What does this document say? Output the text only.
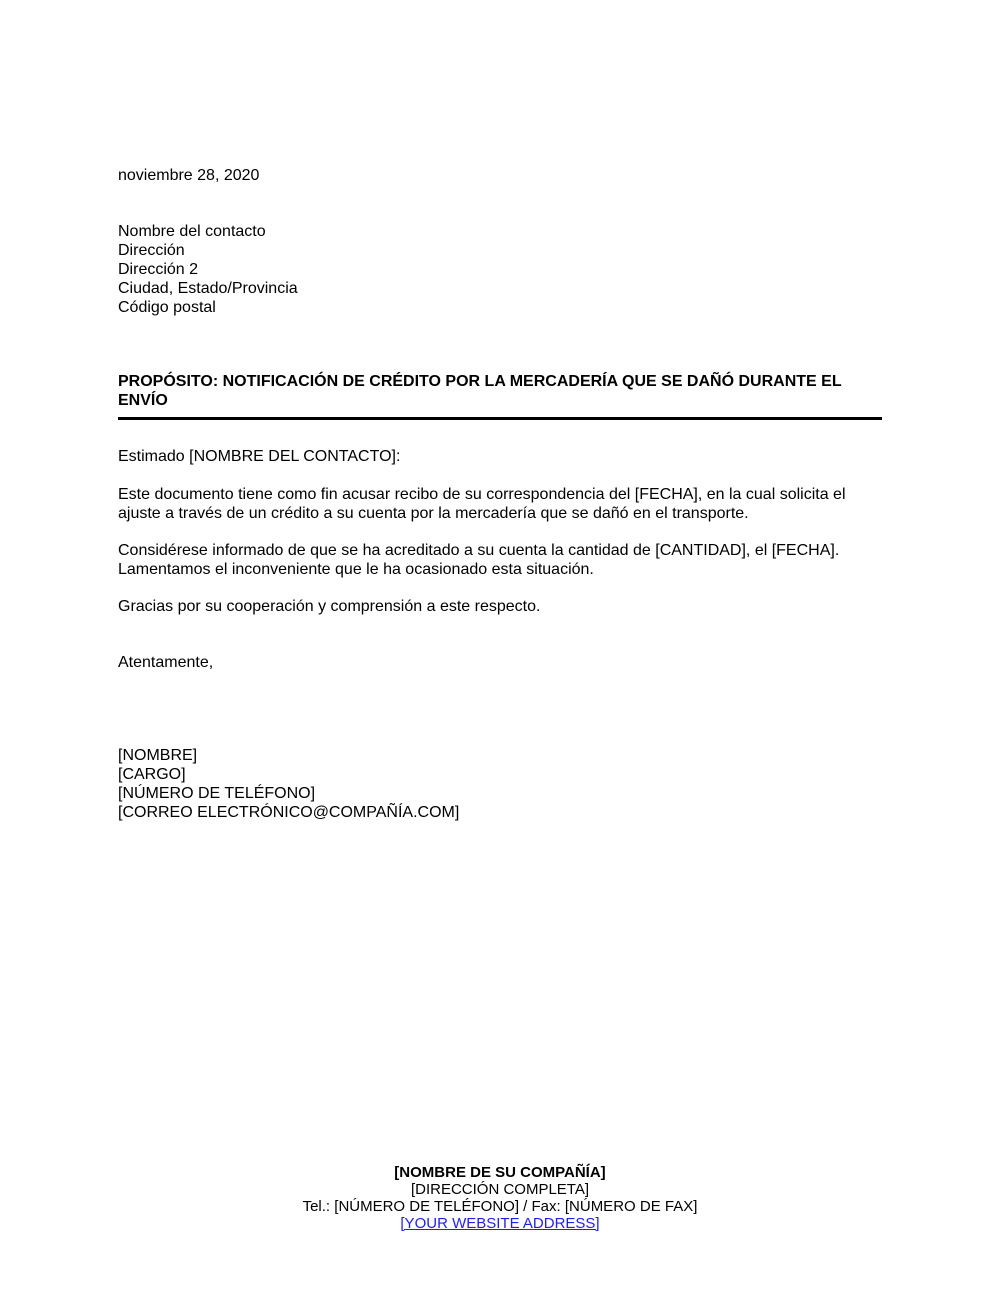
noviembre 28, 2020
Nombre del contacto
Dirección
Dirección 2
Ciudad, Estado/Provincia
Código postal
PROPÓSITO: NOTIFICACIÓN DE CRÉDITO POR LA MERCADERÍA QUE SE DAÑÓ DURANTE EL
ENVÍO
Estimado [NOMBRE DEL CONTACTO]:
Este documento tiene como fin acusar recibo de su correspondencia del [FECHA], en la cual solicita el
ajuste a través de un crédito a su cuenta por la mercadería que se dañó en el transporte.
Considérese informado de que se ha acreditado a su cuenta la cantidad de [CANTIDAD], el [FECHA].
Lamentamos el inconveniente que le ha ocasionado esta situación.
Gracias por su cooperación y comprensión a este respecto.
Atentamente,
[NOMBRE]
[CARGO]
[NÚMERO DE TELÉFONO]
[CORREO ELECTRÓNICO@COMPAÑÍA.COM]
[NOMBRE DE SU COMPAÑÍA]
[DIRECCIÓN COMPLETA]
Tel.: [NÚMERO DE TELÉFONO] / Fax: [NÚMERO DE FAX]
[YOUR WEBSITE ADDRESS]
